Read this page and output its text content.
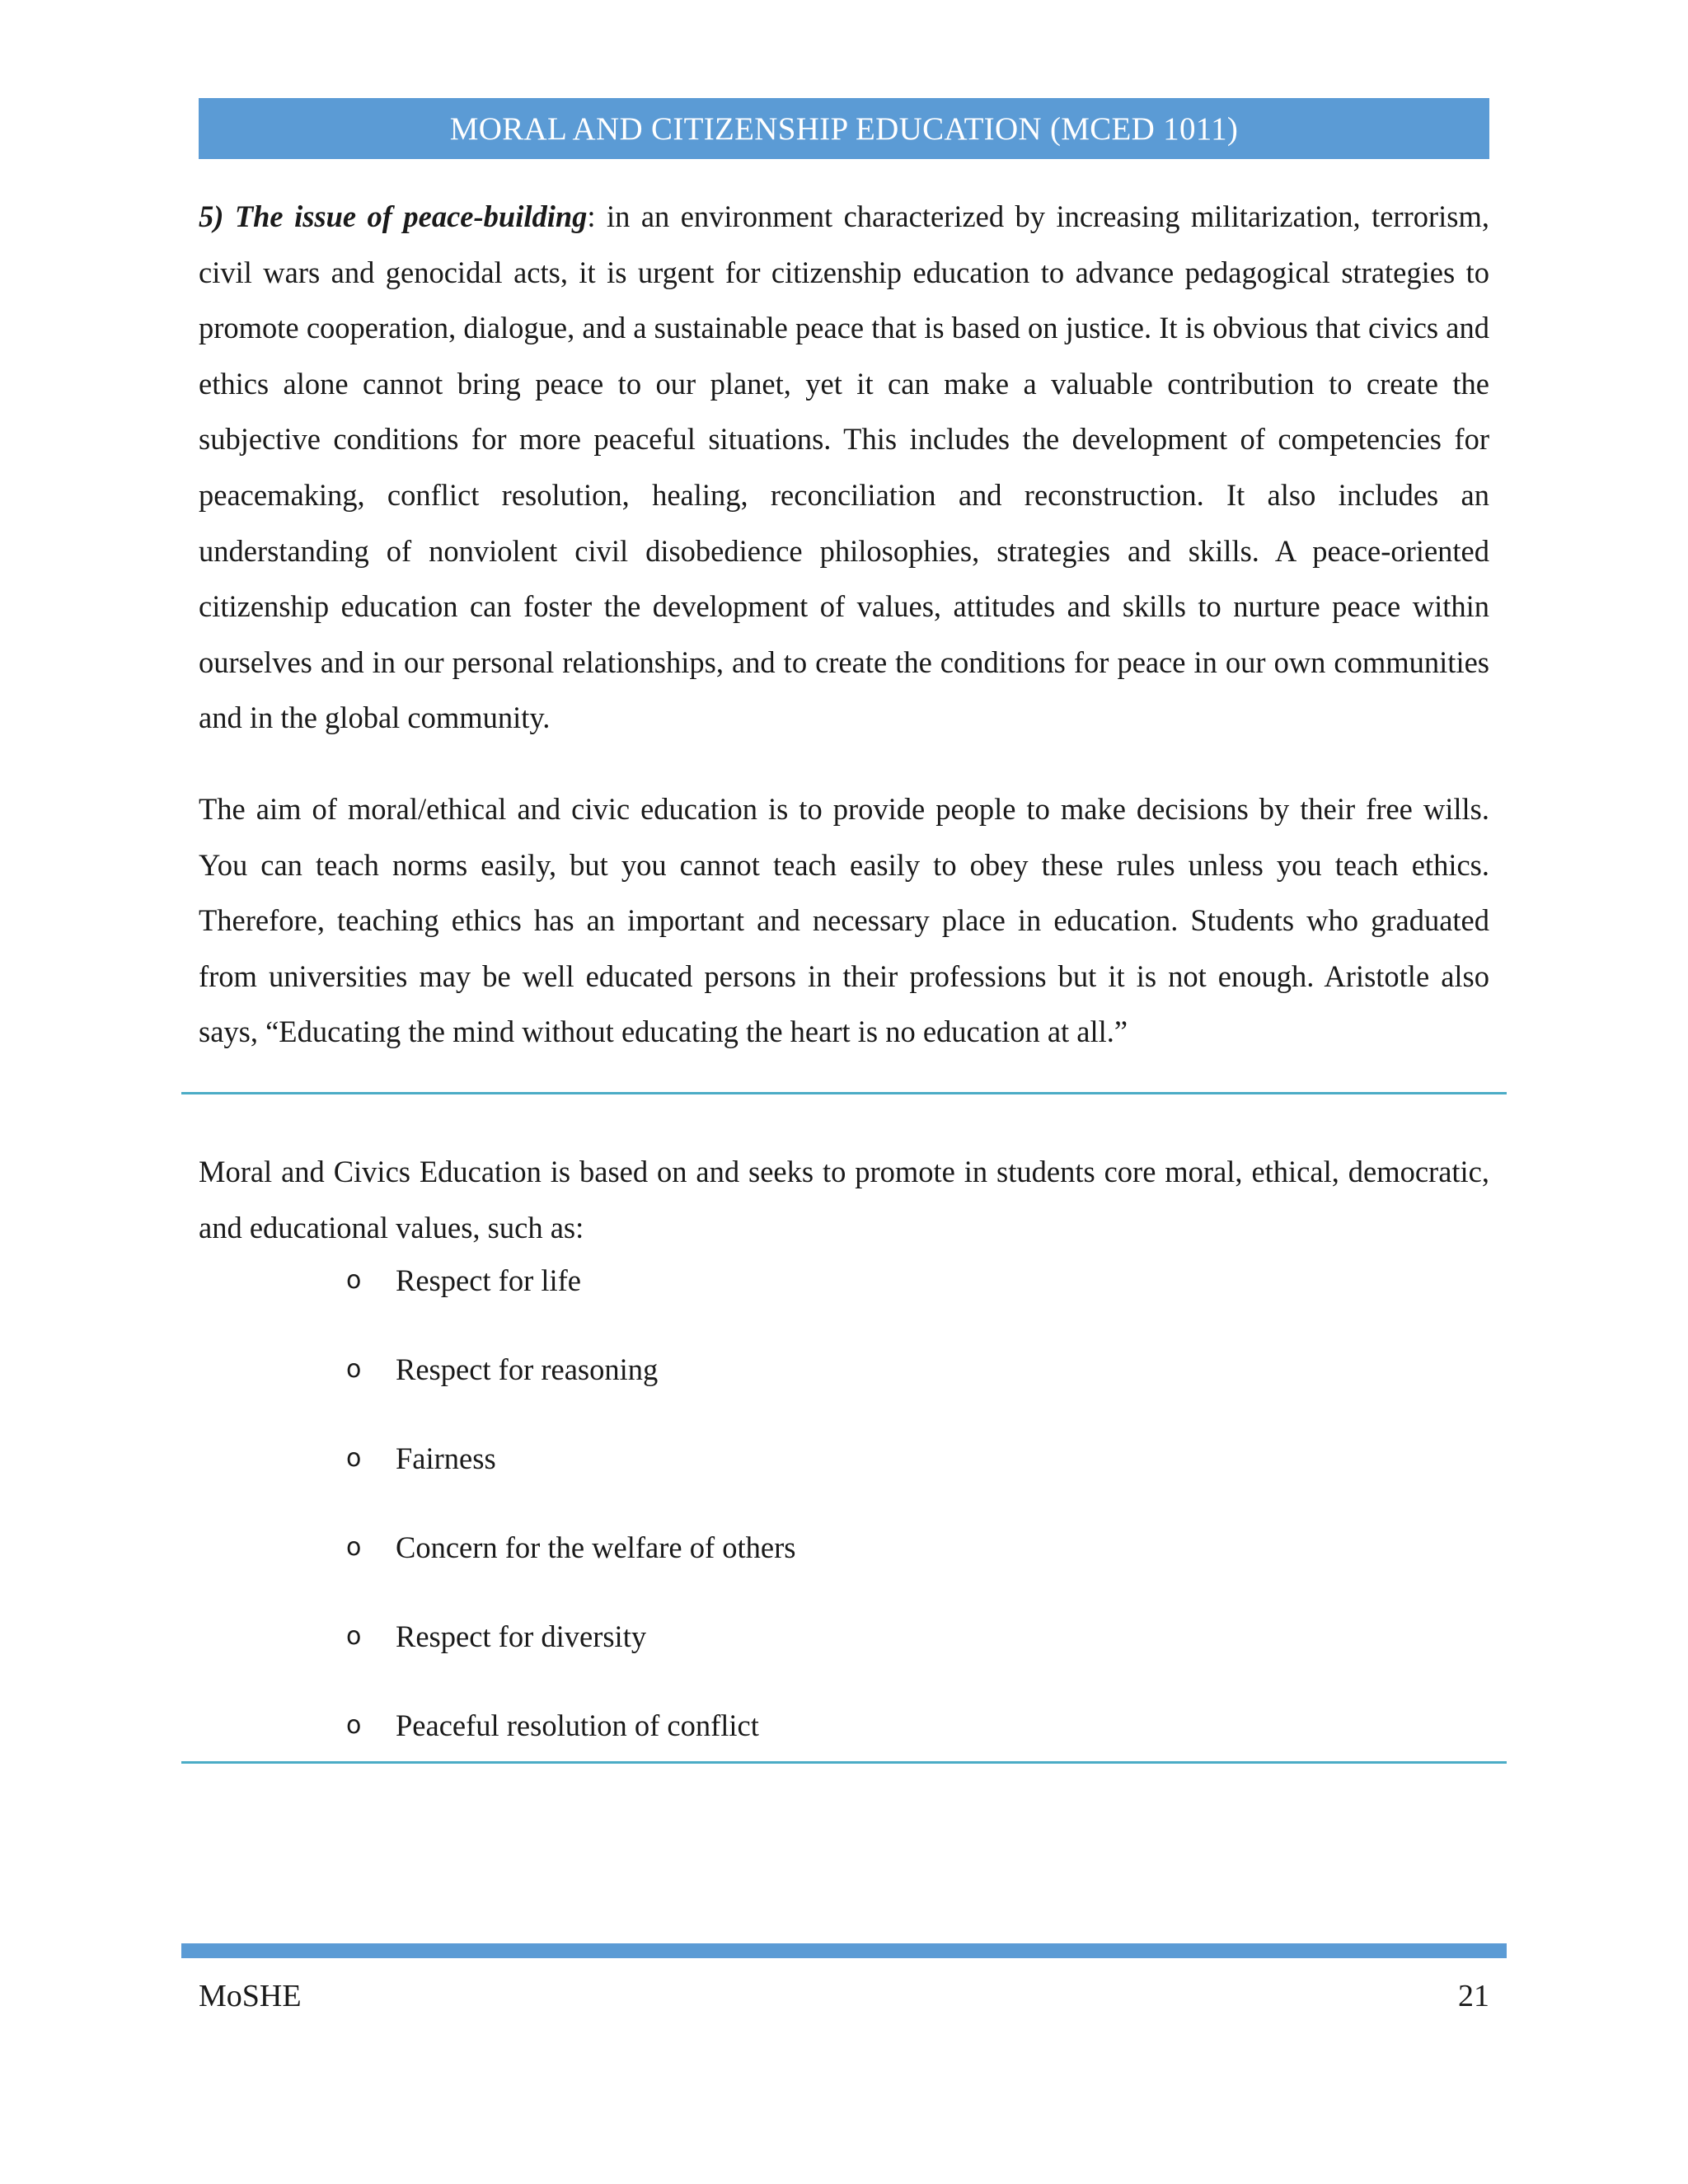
MORAL AND CITIZENSHIP EDUCATION (MCED 1011)
5) The issue of peace-building: in an environment characterized by increasing militarization, terrorism, civil wars and genocidal acts, it is urgent for citizenship education to advance pedagogical strategies to promote cooperation, dialogue, and a sustainable peace that is based on justice. It is obvious that civics and ethics alone cannot bring peace to our planet, yet it can make a valuable contribution to create the subjective conditions for more peaceful situations. This includes the development of competencies for peacemaking, conflict resolution, healing, reconciliation and reconstruction. It also includes an understanding of nonviolent civil disobedience philosophies, strategies and skills. A peace-oriented citizenship education can foster the development of values, attitudes and skills to nurture peace within ourselves and in our personal relationships, and to create the conditions for peace in our own communities and in the global community.
The aim of moral/ethical and civic education is to provide people to make decisions by their free wills. You can teach norms easily, but you cannot teach easily to obey these rules unless you teach ethics. Therefore, teaching ethics has an important and necessary place in education. Students who graduated from universities may be well educated persons in their professions but it is not enough. Aristotle also says, “Educating the mind without educating the heart is no education at all.”
Moral and Civics Education is based on and seeks to promote in students core moral, ethical, democratic, and educational values, such as:
o Respect for life
o Respect for reasoning
o Fairness
o Concern for the welfare of others
o Respect for diversity
o Peaceful resolution of conflict
MoSHE	21
